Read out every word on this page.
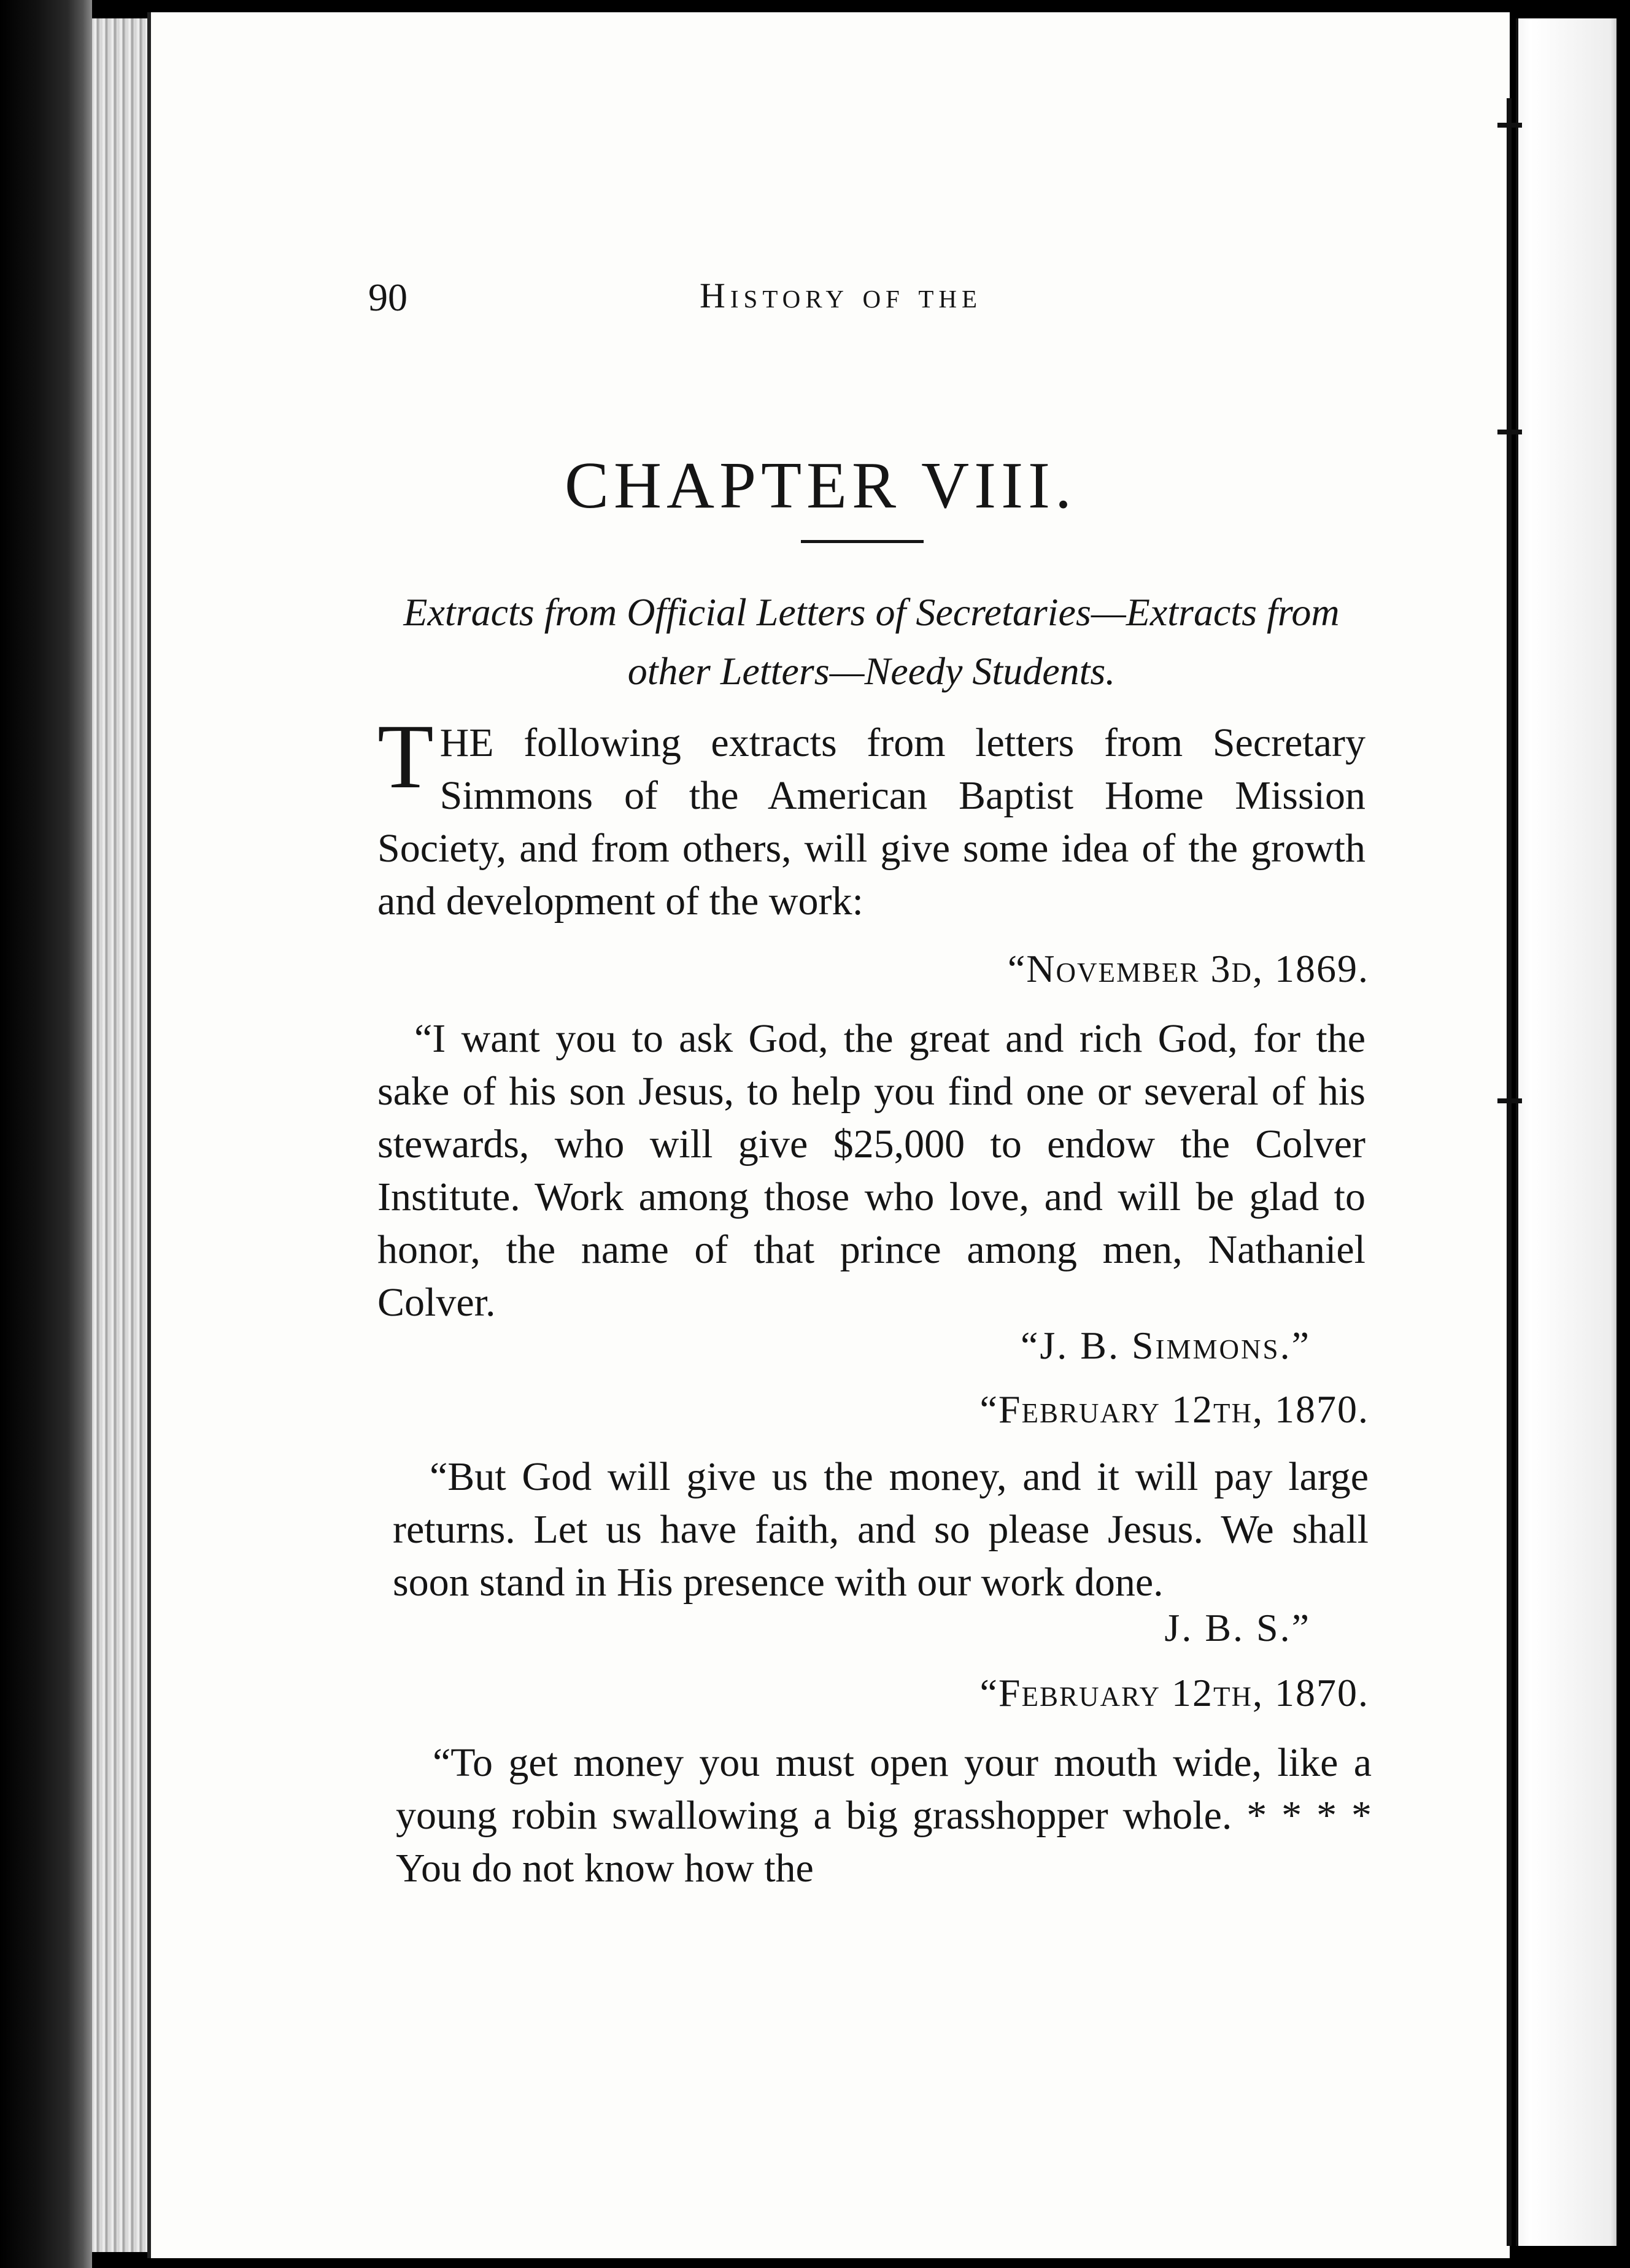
90	History of the
CHAPTER VIII.
Extracts from Official Letters of Secretaries—Extracts from other Letters—Needy Students.
THE following extracts from letters from Secretary Simmons of the American Baptist Home Mission Society, and from others, will give some idea of the growth and development of the work:
“November 3d, 1869.
“I want you to ask God, the great and rich God, for the sake of his son Jesus, to help you find one or several of his stewards, who will give $25,000 to endow the Colver Institute. Work among those who love, and will be glad to honor, the name of that prince among men, Nathaniel Colver.
“J. B. Simmons.”
“February 12th, 1870.
“But God will give us the money, and it will pay large returns. Let us have faith, and so please Jesus. We shall soon stand in His presence with our work done.
J. B. S.”
“February 12th, 1870.
“To get money you must open your mouth wide, like a young robin swallowing a big grasshopper whole. * * * * You do not know how the
